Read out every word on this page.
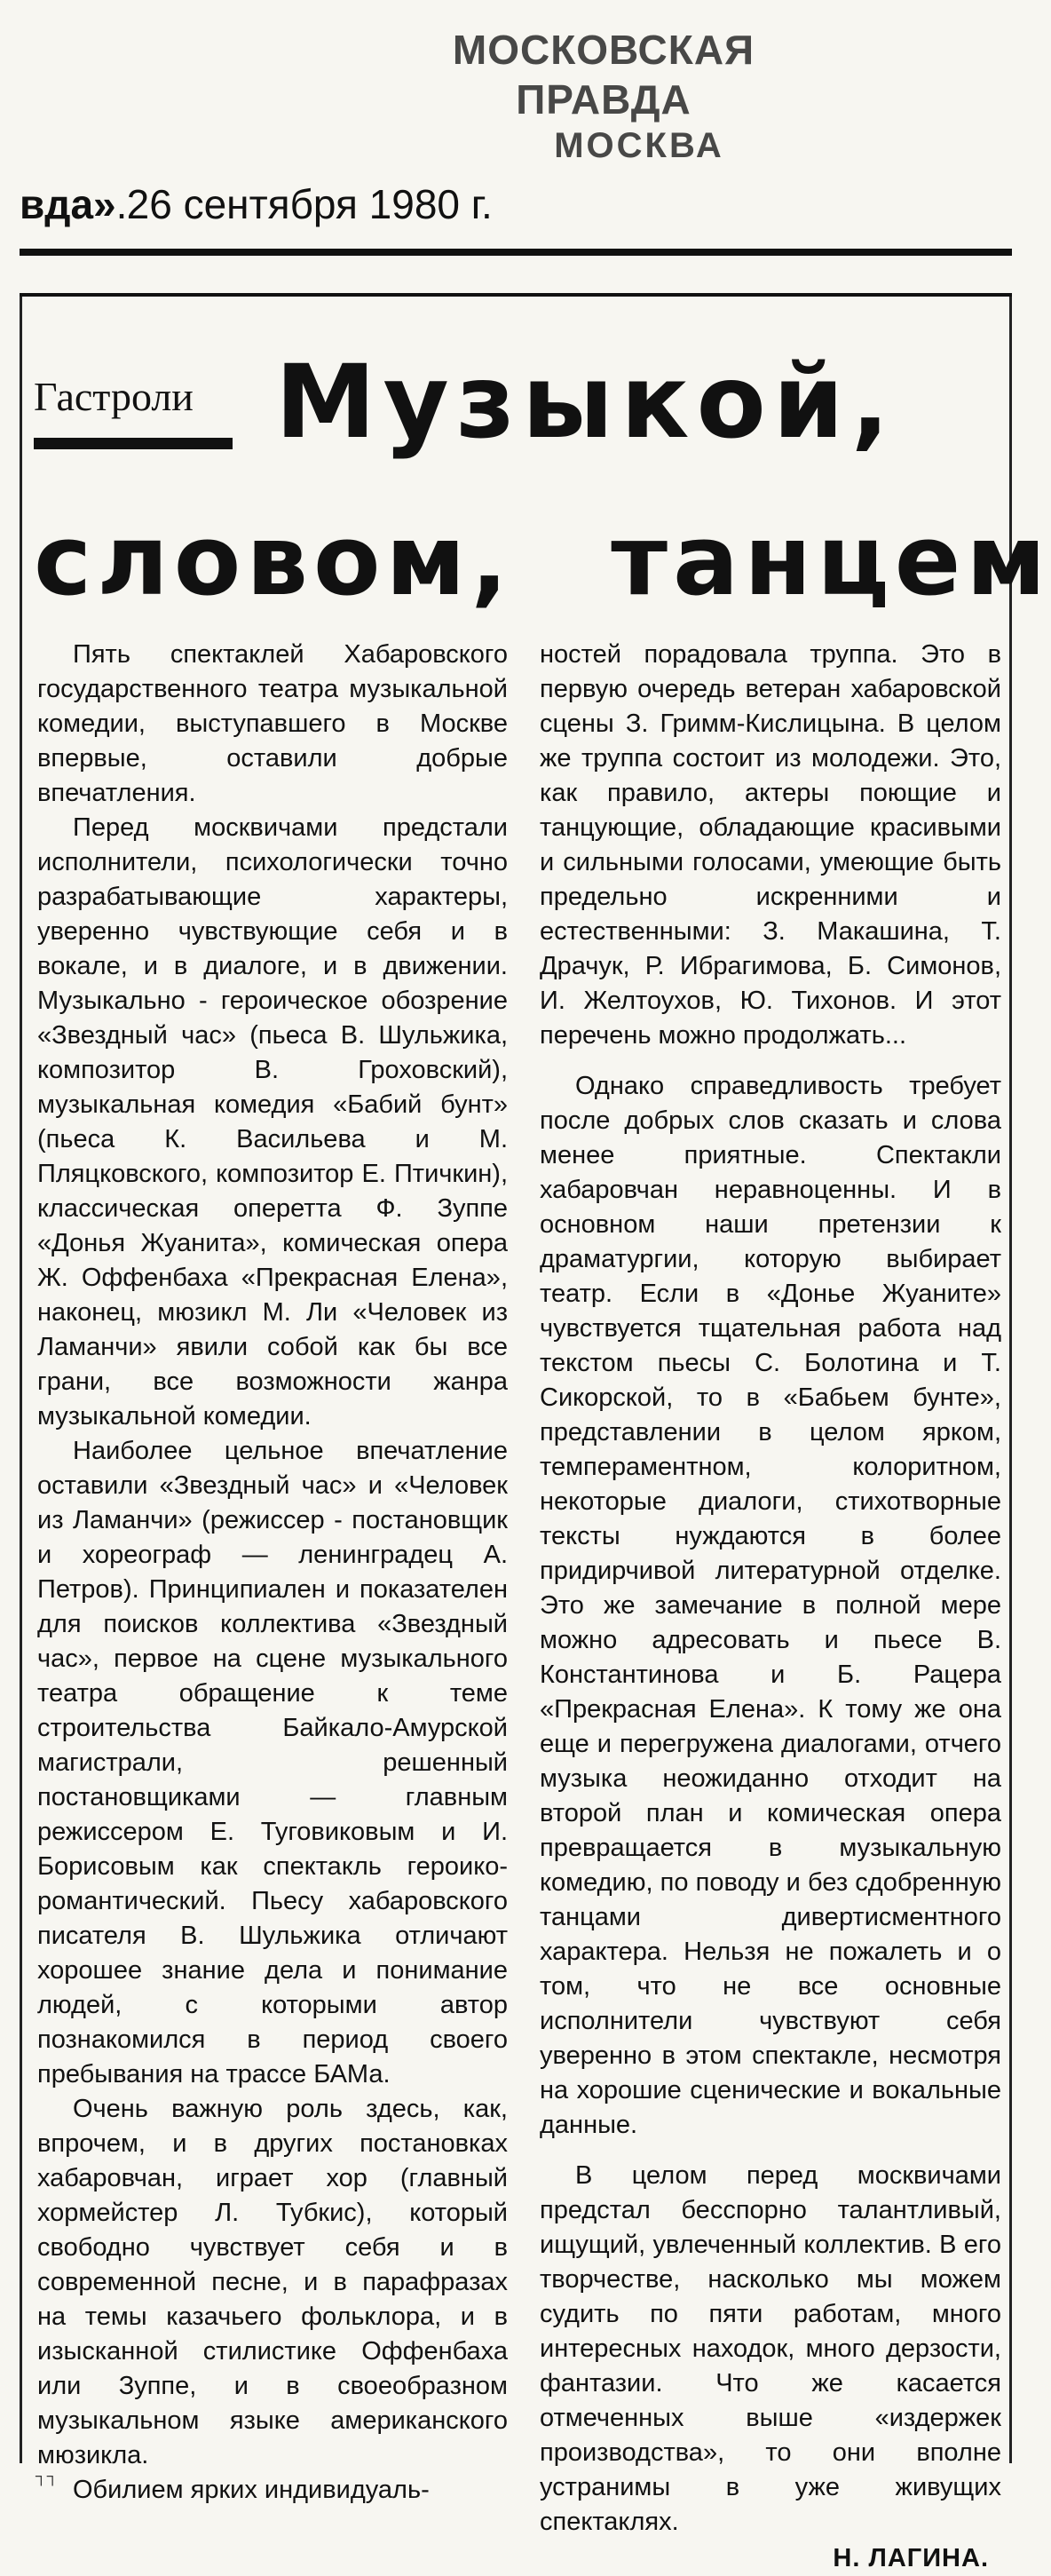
МОСКОВСКАЯ ПРАВДА
МОСКВА
вда».26 сентября 1980 г.
Гастроли Музыкой,
словом, танцем

Пять спектаклей Хабаровского государственного театра музыкальной комедии, выступавшего в Москве впервые, оставили добрые впечатления.

Перед москвичами предстали исполнители, психологически точно разрабатывающие характеры, уверенно чувствующие себя и в вокале, и в диалоге, и в движении. Музыкально - героическое обозрение «Звездный час» (пьеса В. Шульжика, композитор В. Гроховский), музыкальная комедия «Бабий бунт» (пьеса К. Васильева и М. Пляцковского, композитор Е. Птичкин), классическая оперетта Ф. Зуппе «Донья Жуанита», комическая опера Ж. Оффенбаха «Прекрасная Елена», наконец, мюзикл М. Ли «Человек из Ламанчи» явили собой как бы все грани, все возможности жанра музыкальной комедии.

Наиболее цельное впечатление оставили «Звездный час» и «Человек из Ламанчи» (режиссер - постановщик и хореограф — ленинградец А. Петров). Принципиален и показателен для поисков коллектива «Звездный час», первое на сцене музыкального театра обращение к теме строительства Байкало-Амурской магистрали, решенный постановщиками — главным режиссером Е. Туговиковым и И. Борисовым как спектакль героико-романтический. Пьесу хабаровского писателя В. Шульжика отличают хорошее знание дела и понимание людей, с которыми автор познакомился в период своего пребывания на трассе БАМа.

Очень важную роль здесь, как, впрочем, и в других постановках хабаровчан, играет хор (главный хормейстер Л. Тубкис), который свободно чувствует себя и в современной песне, и в парафразах на темы казачьего фольклора, и в изысканной стилистике Оффенбаха или Зуппе, и в своеобразном музыкальном языке американского мюзикла.

Обилием ярких индивидуаль-

ностей порадовала труппа. Это в первую очередь ветеран хабаровской сцены З. Гримм-Кислицына. В целом же труппа состоит из молодежи. Это, как правило, актеры поющие и танцующие, обладающие красивыми и сильными голосами, умеющие быть предельно искренними и естественными: З. Макашина, Т. Драчук, Р. Ибрагимова, Б. Симонов, И. Желтоухов, Ю. Тихонов. И этот перечень можно продолжать...

Однако справедливость требует после добрых слов сказать и слова менее приятные. Спектакли хабаровчан неравноценны. И в основном наши претензии к драматургии, которую выбирает театр. Если в «Донье Жуаните» чувствуется тщательная работа над текстом пьесы С. Болотина и Т. Сикорской, то в «Бабьем бунте», представлении в целом ярком, темпераментном, колоритном, некоторые диалоги, стихотворные тексты нуждаются в более придирчивой литературной отделке. Это же замечание в полной мере можно адресовать и пьесе В. Константинова и Б. Рацера «Прекрасная Елена». К тому же она еще и перегружена диалогами, отчего музыка неожиданно отходит на второй план и комическая опера превращается в музыкальную комедию, по поводу и без сдобренную танцами дивертисментного характера. Нельзя не пожалеть и о том, что не все основные исполнители чувствуют себя уверенно в этом спектакле, несмотря на хорошие сценические и вокальные данные.

В целом перед москвичами предстал бесспорно талантливый, ищущий, увлеченный коллектив. В его творчестве, насколько мы можем судить по пяти работам, много интересных находок, много дерзости, фантазии. Что же касается отмеченных выше «издержек производства», то они вполне устранимы в уже живущих спектаклях.

Н. ЛАГИНА.
┐┐
